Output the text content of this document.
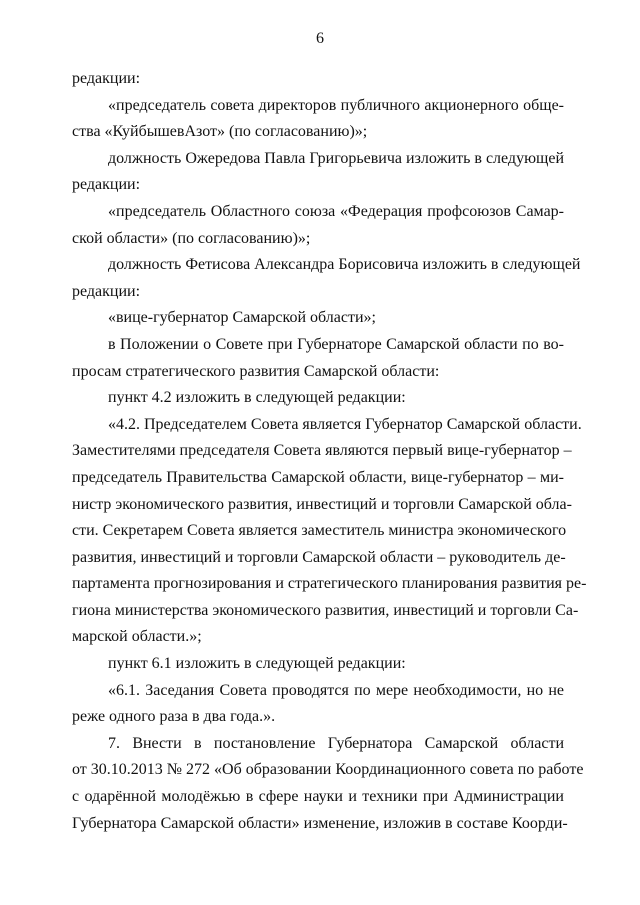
6
редакции:
«председатель совета директоров публичного акционерного обще-
ства «КуйбышевАзот» (по согласованию)»;
должность Ожередова Павла Григорьевича изложить в следующей
редакции:
«председатель Областного союза «Федерация профсоюзов Самар-
ской области» (по согласованию)»;
должность Фетисова Александра Борисовича изложить в следующей
редакции:
«вице-губернатор Самарской области»;
в Положении о Совете при Губернаторе Самарской области по во-
просам стратегического развития Самарской области:
пункт 4.2 изложить в следующей редакции:
«4.2. Председателем Совета является Губернатор Самарской области.
Заместителями председателя Совета являются первый вице-губернатор –
председатель Правительства Самарской области, вице-губернатор – ми-
нистр экономического развития, инвестиций и торговли Самарской обла-
сти. Секретарем Совета является заместитель министра экономического
развития, инвестиций и торговли Самарской области – руководитель де-
партамента прогнозирования и стратегического планирования развития ре-
гиона министерства экономического развития, инвестиций и торговли Са-
марской области.»;
пункт 6.1 изложить в следующей редакции:
«6.1. Заседания Совета проводятся по мере необходимости, но не
реже одного раза в два года.».
7. Внести в постановление Губернатора Самарской области
от 30.10.2013 № 272 «Об образовании Координационного совета по работе
с одарённой молодёжью в сфере науки и техники при Администрации
Губернатора Самарской области» изменение, изложив в составе Коорди-
